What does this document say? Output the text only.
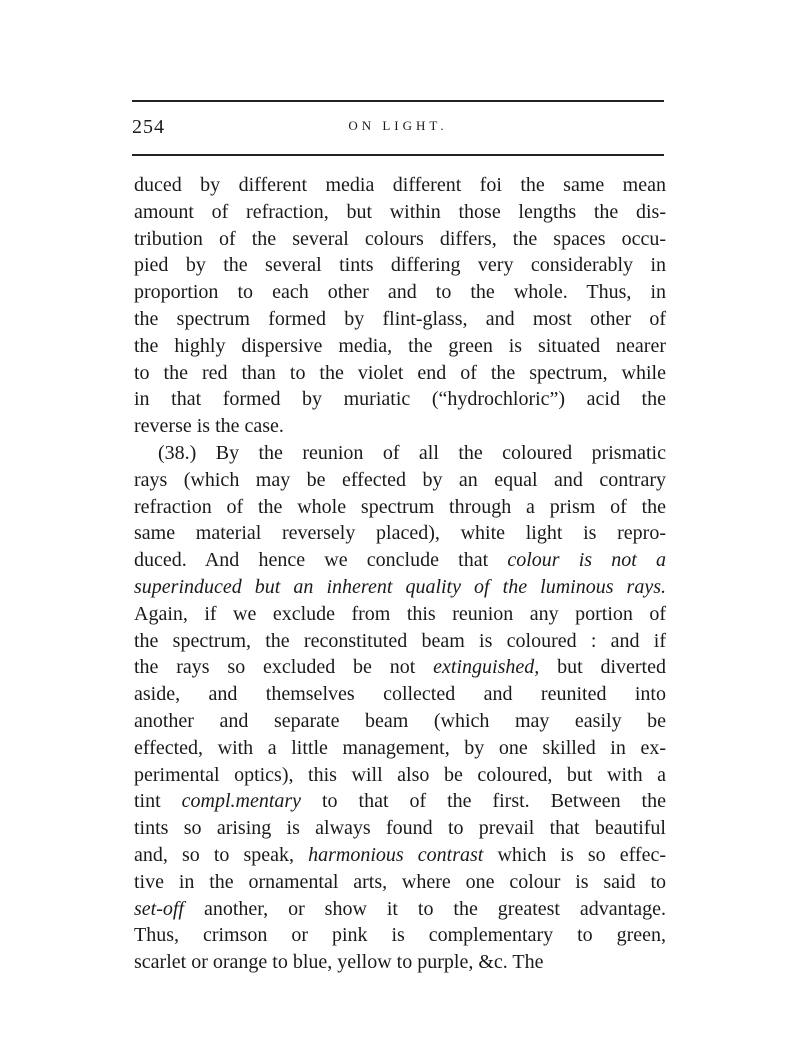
254	ON LIGHT.
duced by different media different foi the same mean
amount of refraction, but within those lengths the dis-
tribution of the several colours differs, the spaces occu-
pied by the several tints differing very considerably in
proportion to each other and to the whole. Thus, in
the spectrum formed by flint-glass, and most other of
the highly dispersive media, the green is situated nearer
to the red than to the violet end of the spectrum, while
in that formed by muriatic (“hydrochloric”) acid the
reverse is the case.
(38.) By the reunion of all the coloured prismatic
rays (which may be effected by an equal and contrary
refraction of the whole spectrum through a prism of the
same material reversely placed), white light is repro-
duced. And hence we conclude that colour is not a
superinduced but an inherent quality of the luminous rays.
Again, if we exclude from this reunion any portion of
the spectrum, the reconstituted beam is coloured : and if
the rays so excluded be not extinguished, but diverted
aside, and themselves collected and reunited into
another and separate beam (which may easily be
effected, with a little management, by one skilled in ex-
perimental optics), this will also be coloured, but with a
tint compl.mentary to that of the first. Between the
tints so arising is always found to prevail that beautiful
and, so to speak, harmonious contrast which is so effec-
tive in the ornamental arts, where one colour is said to
set-off another, or show it to the greatest advantage.
Thus, crimson or pink is complementary to green,
scarlet or orange to blue, yellow to purple, &c. The
